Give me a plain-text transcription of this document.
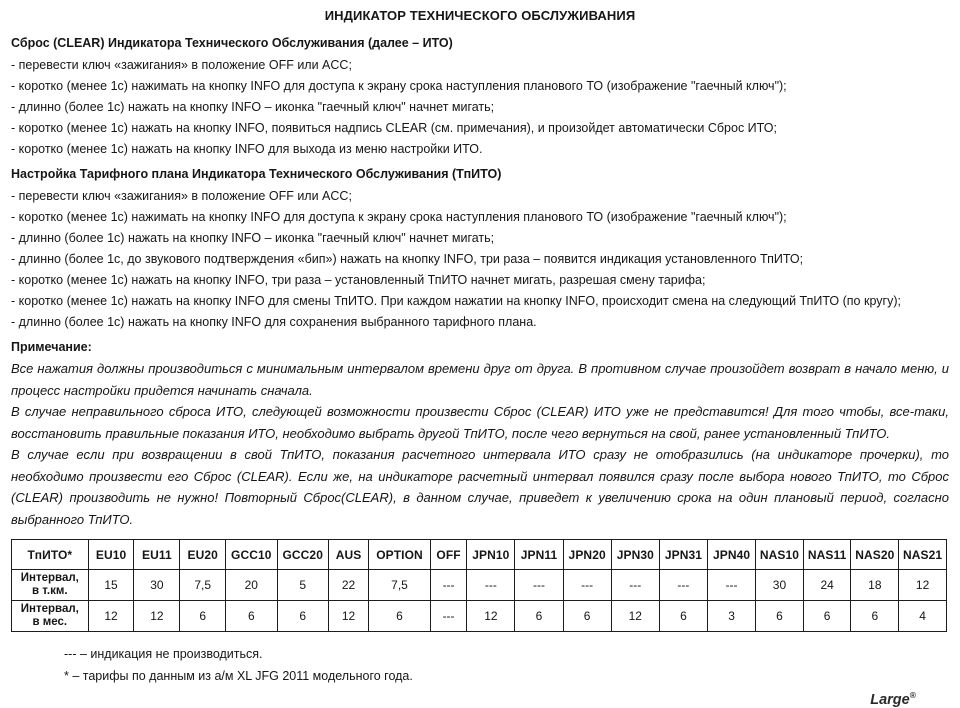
ИНДИКАТОР ТЕХНИЧЕСКОГО ОБСЛУЖИВАНИЯ
Сброс (CLEAR) Индикатора Технического Обслуживания (далее – ИТО)
- перевести ключ «зажигания» в положение OFF или ACC;
- коротко (менее 1с) нажимать на кнопку INFO для доступа к экрану срока наступления планового ТО (изображение "гаечный ключ");
- длинно (более 1с) нажать на кнопку INFO – иконка "гаечный ключ" начнет мигать;
- коротко (менее 1с) нажать на кнопку INFO, появиться надпись CLEAR (см. примечания), и произойдет автоматически Сброс ИТО;
- коротко (менее 1с) нажать на кнопку INFO для выхода из меню настройки ИТО.
Настройка Тарифного плана Индикатора Технического Обслуживания (ТпИТО)
- перевести ключ «зажигания» в положение OFF или ACC;
- коротко (менее 1с) нажимать на кнопку INFO для доступа к экрану срока наступления планового ТО (изображение "гаечный ключ");
- длинно (более 1с) нажать на кнопку INFO – иконка "гаечный ключ" начнет мигать;
- длинно (более 1с, до звукового подтверждения «бип») нажать на кнопку INFO, три раза – появится индикация установленного ТпИТО;
- коротко (менее 1с) нажать на кнопку INFO, три раза – установленный ТпИТО начнет мигать, разрешая смену тарифа;
- коротко (менее 1с) нажать на кнопку INFO для смены ТпИТО. При каждом нажатии на кнопку INFO, происходит смена на следующий ТпИТО (по кругу);
- длинно (более 1с) нажать на кнопку INFO для сохранения выбранного тарифного плана.
Примечание:

Все нажатия должны производиться с минимальным интервалом времени друг от друга. В противном случае произойдет возврат в начало меню, и процесс настройки придется начинать сначала.

В случае неправильного сброса ИТО, следующей возможности произвести Сброс (CLEAR) ИТО уже не представится! Для того чтобы, все-таки, восстановить правильные показания ИТО, необходимо выбрать другой ТпИТО, после чего вернуться на свой, ранее установленный ТпИТО.

В случае если при возвращении в свой ТпИТО, показания расчетного интервала ИТО сразу не отобразились (на индикаторе прочерки), то необходимо произвести его Сброс (CLEAR). Если же, на индикаторе расчетный интервал появился сразу после выбора нового ТпИТО, то Сброс (CLEAR) производить не нужно! Повторный Сброс(CLEAR), в данном случае, приведет к увеличению срока на один плановый период, согласно выбранного ТпИТО.

ТпИТО*	EU10	EU11	EU20	GCC10	GCC20	AUS	OPTION	OFF	JPN10	JPN11	JPN20	JPN30	JPN31	JPN40	NAS10	NAS11	NAS20	NAS21
Интервал, в т.км.	15	30	7,5	20	5	22	7,5	---	---	---	---	---	---	---	30	24	18	12
Интервал, в мес.	12	12	6	6	6	12	6	---	12	6	6	12	6	3	6	6	6	4
--- – индикация не производиться.
* – тарифы по данным из а/м XL JFG 2011 модельного года.
Large®
